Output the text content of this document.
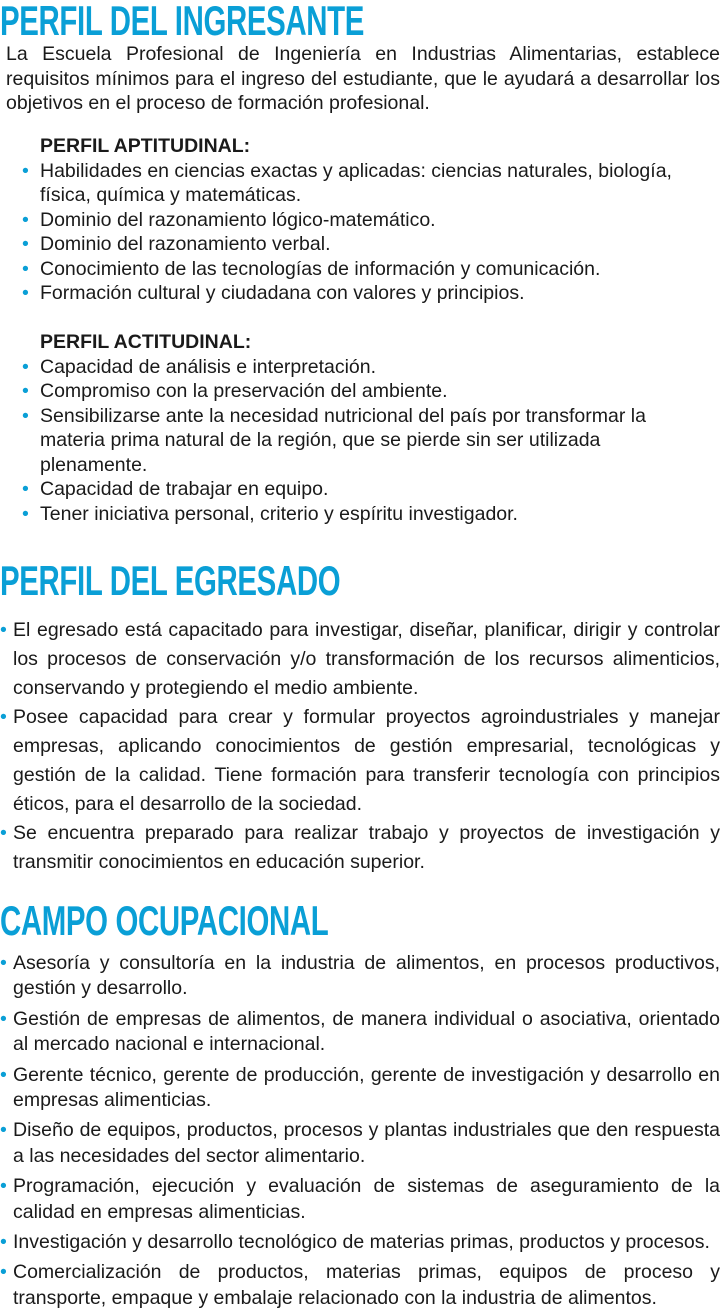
PERFIL DEL INGRESANTE

La Escuela Profesional de Ingeniería en Industrias Alimentarias, establece requisitos mínimos para el ingreso del estudiante, que le ayudará a desarrollar los objetivos en el proceso de formación profesional.

PERFIL APTITUDINAL:

• Habilidades en ciencias exactas y aplicadas: ciencias naturales, biología, física, química y matemáticas.
• Dominio del razonamiento lógico-matemático.
• Dominio del razonamiento verbal.
• Conocimiento de las tecnologías de información y comunicación.
• Formación cultural y ciudadana con valores y principios.

PERFIL ACTITUDINAL:

• Capacidad de análisis e interpretación.
• Compromiso con la preservación del ambiente.
• Sensibilizarse ante la necesidad nutricional del país por transformar la materia prima natural de la región, que se pierde sin ser utilizada plenamente.
• Capacidad de trabajar en equipo.
• Tener iniciativa personal, criterio y espíritu investigador.
PERFIL DEL EGRESADO
• El egresado está capacitado para investigar, diseñar, planificar, dirigir y controlar los procesos de conservación y/o transformación de los recursos alimenticios, conservando y protegiendo el medio ambiente.
• Posee capacidad para crear y formular proyectos agroindustriales y manejar empresas, aplicando conocimientos de gestión empresarial, tecnológicas y gestión de la calidad. Tiene formación para transferir tecnología con principios éticos, para el desarrollo de la sociedad.
• Se encuentra preparado para realizar trabajo y proyectos de investigación y transmitir conocimientos en educación superior.
CAMPO OCUPACIONAL
• Asesoría y consultoría en la industria de alimentos, en procesos productivos, gestión y desarrollo.
• Gestión de empresas de alimentos, de manera individual o asociativa, orientado al mercado nacional e internacional.
• Gerente técnico, gerente de producción, gerente de investigación y desarrollo en empresas alimenticias.
• Diseño de equipos, productos, procesos y plantas industriales que den respuesta a las necesidades del sector alimentario.
• Programación, ejecución y evaluación de sistemas de aseguramiento de la calidad en empresas alimenticias.
• Investigación y desarrollo tecnológico de materias primas, productos y procesos.
• Comercialización de productos, materias primas, equipos de proceso y transporte, empaque y embalaje relacionado con la industria de alimentos.
